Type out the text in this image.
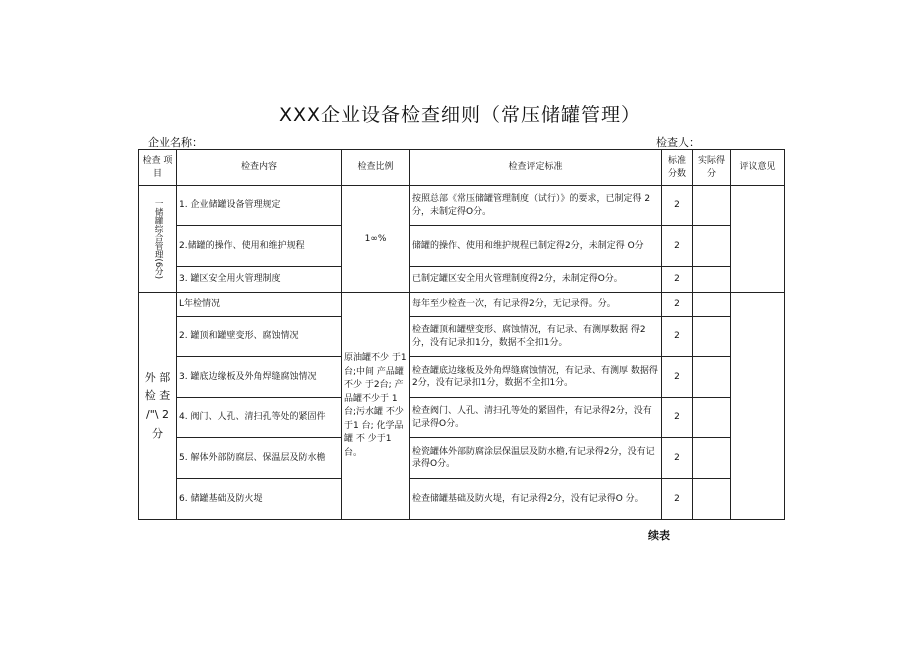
XXX企业设备检查细则（常压储罐管理）
企业名称：	检查人：
检查 项目	检查内容	检查比例	检查评定标准	标准分数	实际得分	评议意见

一储罐综合管理(6分)	1. 企业储罐设备管理规定	1∞%	按照总部《常压储罐管理制度（试行）》的要求，已制定得 2分，未制定得O分。	2		
	2.储罐的操作、使用和维护规程		储罐的操作、使用和维护规程已制定得2分，未制定得 O分	2		
	3. 罐区安全用火管理制度		已制定罐区安全用火管理制度得2分，未制定得O分。	2		
外 部 检 查 /"\ 2 分	L年检情况	原油罐不少 于1台;中间 产品罐不少 于2台; 产 品罐不少于 1台;污水罐 不少于1 台; 化学品罐 不 少于1台。	每年至少检查一次，有记录得2分，无记录得。分。	2		
	2. 罐顶和罐壁变形、腐蚀情况		检查罐顶和罐壁变形、腐蚀情况，有记录、有测厚数据 得2分，没有记录扣1分，数据不全扣1分。	2		
	3. 罐底边缘板及外角焊缝腐蚀情况		检查罐底边缘板及外角焊缝腐蚀情况，有记录、有测厚 数据得2分，没有记录扣1分，数据不全扣1分。	2		
	4. 阀门、人孔、清扫孔等处的紧固件		检查阀门、人孔、清扫孔等处的紧固件，有记录得2分，没有记录得O分。	2		
	5. 解体外部防腐层、保温层及防水檐		检瓷罐体外部防腐涂层保温层及防水檐,有记录得2分，没有记录得O分。	2		
	6. 储罐基础及防火堤		检查储罐基础及防火堤，有记录得2分，没有记录得O 分。	2		
续表
